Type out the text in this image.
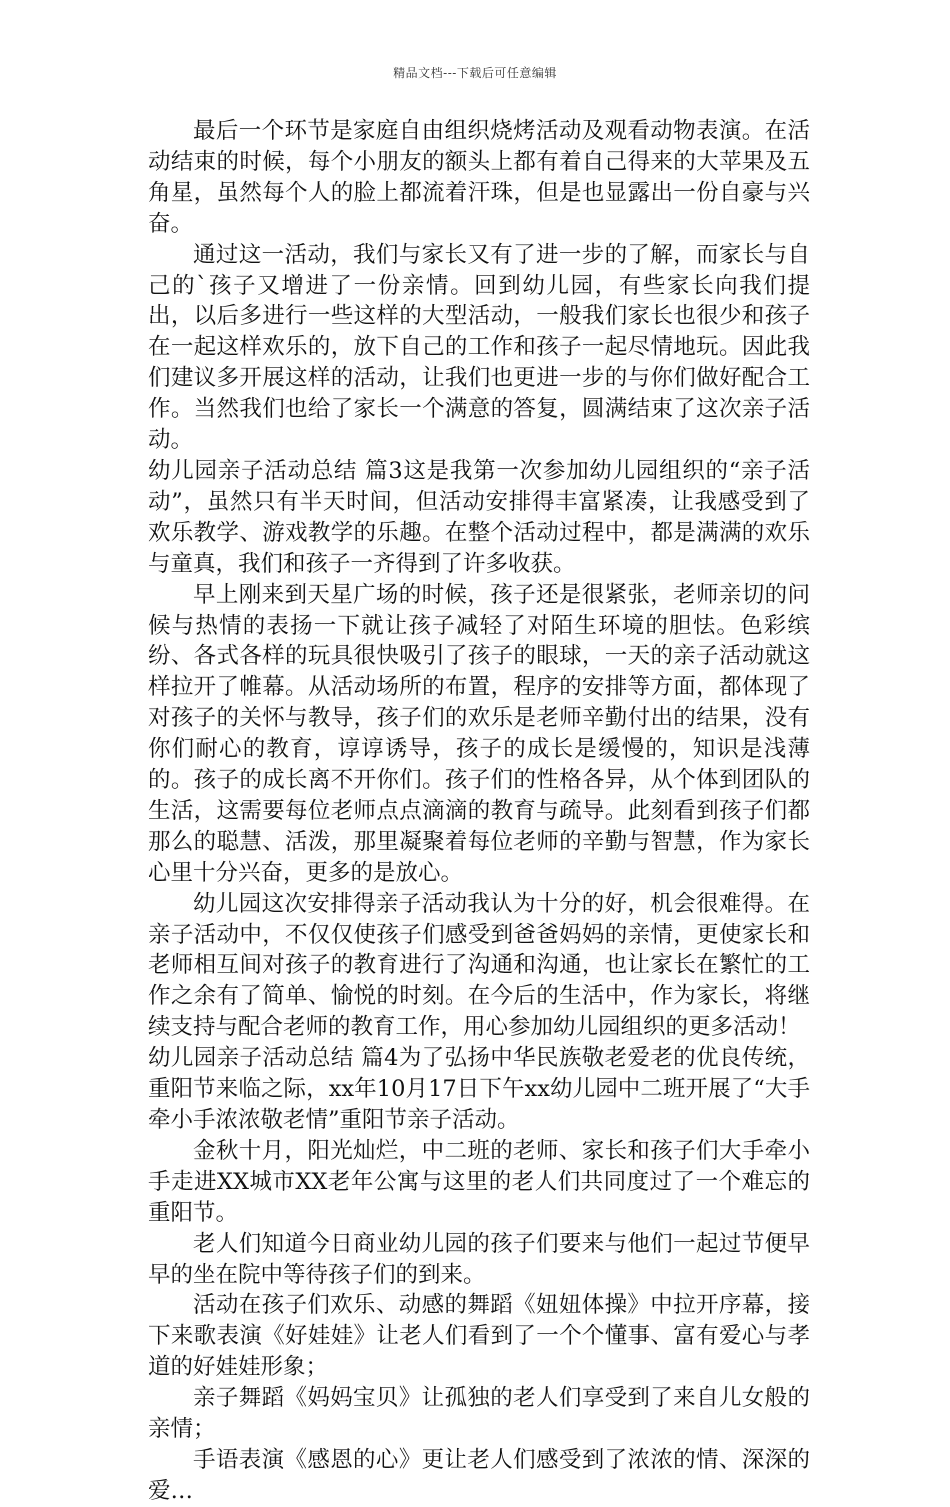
精品文档---下载后可任意编辑

最后一个环节是家庭自由组织烧烤活动及观看动物表演。在活动结束的时候，每个小朋友的额头上都有着自己得来的大苹果及五角星，虽然每个人的脸上都流着汗珠，但是也显露出一份自豪与兴奋。

通过这一活动，我们与家长又有了进一步的了解，而家长与自己的`孩子又增进了一份亲情。回到幼儿园，有些家长向我们提出，以后多进行一些这样的大型活动，一般我们家长也很少和孩子在一起这样欢乐的，放下自己的工作和孩子一起尽情地玩。因此我们建议多开展这样的活动，让我们也更进一步的与你们做好配合工作。当然我们也给了家长一个满意的答复，圆满结束了这次亲子活动。

幼儿园亲子活动总结 篇3这是我第一次参加幼儿园组织的“亲子活动”，虽然只有半天时间，但活动安排得丰富紧凑，让我感受到了欢乐教学、游戏教学的乐趣。在整个活动过程中，都是满满的欢乐与童真，我们和孩子一齐得到了许多收获。

早上刚来到天星广场的时候，孩子还是很紧张，老师亲切的问候与热情的表扬一下就让孩子减轻了对陌生环境的胆怯。色彩缤纷、各式各样的玩具很快吸引了孩子的眼球，一天的亲子活动就这样拉开了帷幕。从活动场所的布置，程序的安排等方面，都体现了对孩子的关怀与教导，孩子们的欢乐是老师辛勤付出的结果，没有你们耐心的教育，谆谆诱导，孩子的成长是缓慢的，知识是浅薄的。孩子的成长离不开你们。孩子们的性格各异，从个体到团队的生活，这需要每位老师点点滴滴的教育与疏导。此刻看到孩子们都那么的聪慧、活泼，那里凝聚着每位老师的辛勤与智慧，作为家长心里十分兴奋，更多的是放心。

幼儿园这次安排得亲子活动我认为十分的好，机会很难得。在亲子活动中，不仅仅使孩子们感受到爸爸妈妈的亲情，更使家长和老师相互间对孩子的教育进行了沟通和沟通，也让家长在繁忙的工作之余有了简单、愉悦的时刻。在今后的生活中，作为家长，将继续支持与配合老师的教育工作，用心参加幼儿园组织的更多活动！

幼儿园亲子活动总结 篇4为了弘扬中华民族敬老爱老的优良传统，重阳节来临之际，xx年10月17日下午xx幼儿园中二班开展了“大手牵小手浓浓敬老情”重阳节亲子活动。

金秋十月，阳光灿烂，中二班的老师、家长和孩子们大手牵小手走进XX城市XX老年公寓与这里的老人们共同度过了一个难忘的重阳节。

老人们知道今日商业幼儿园的孩子们要来与他们一起过节便早早的坐在院中等待孩子们的到来。

活动在孩子们欢乐、动感的舞蹈《妞妞体操》中拉开序幕，接下来歌表演《好娃娃》让老人们看到了一个个懂事、富有爱心与孝道的好娃娃形象；

亲子舞蹈《妈妈宝贝》让孤独的老人们享受到了来自儿女般的亲情；

手语表演《感恩的心》更让老人们感受到了浓浓的情、深深的爱…
